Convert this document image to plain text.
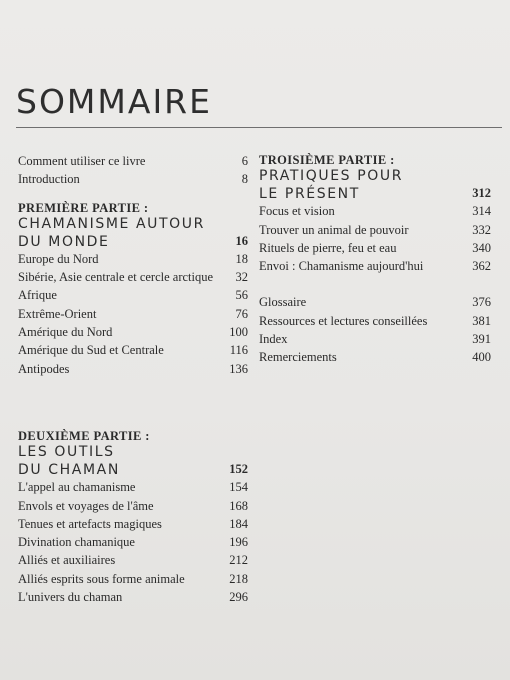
SOMMAIRE
Comment utiliser ce livre	6
Introduction	8
PREMIÈRE PARTIE :
CHAMANISME AUTOUR
DU MONDE	16
Europe du Nord	18
Sibérie, Asie centrale et cercle arctique 32
Afrique	56
Extrême-Orient	76
Amérique du Nord	100
Amérique du Sud et Centrale	116
Antipodes	136
DEUXIÈME PARTIE :
LES OUTILS
DU CHAMAN	152
L'appel au chamanisme	154
Envols et voyages de l'âme	168
Tenues et artefacts magiques	184
Divination chamanique	196
Alliés et auxiliaires	212
Alliés esprits sous forme animale	218
L'univers du chaman	296
TROISIÈME PARTIE :
PRATIQUES POUR
LE PRÉSENT	312
Focus et vision	314
Trouver un animal de pouvoir	332
Rituels de pierre, feu et eau	340
Envoi : Chamanisme aujourd'hui	362
Glossaire	376
Ressources et lectures conseillées	381
Index	391
Remerciements	400
